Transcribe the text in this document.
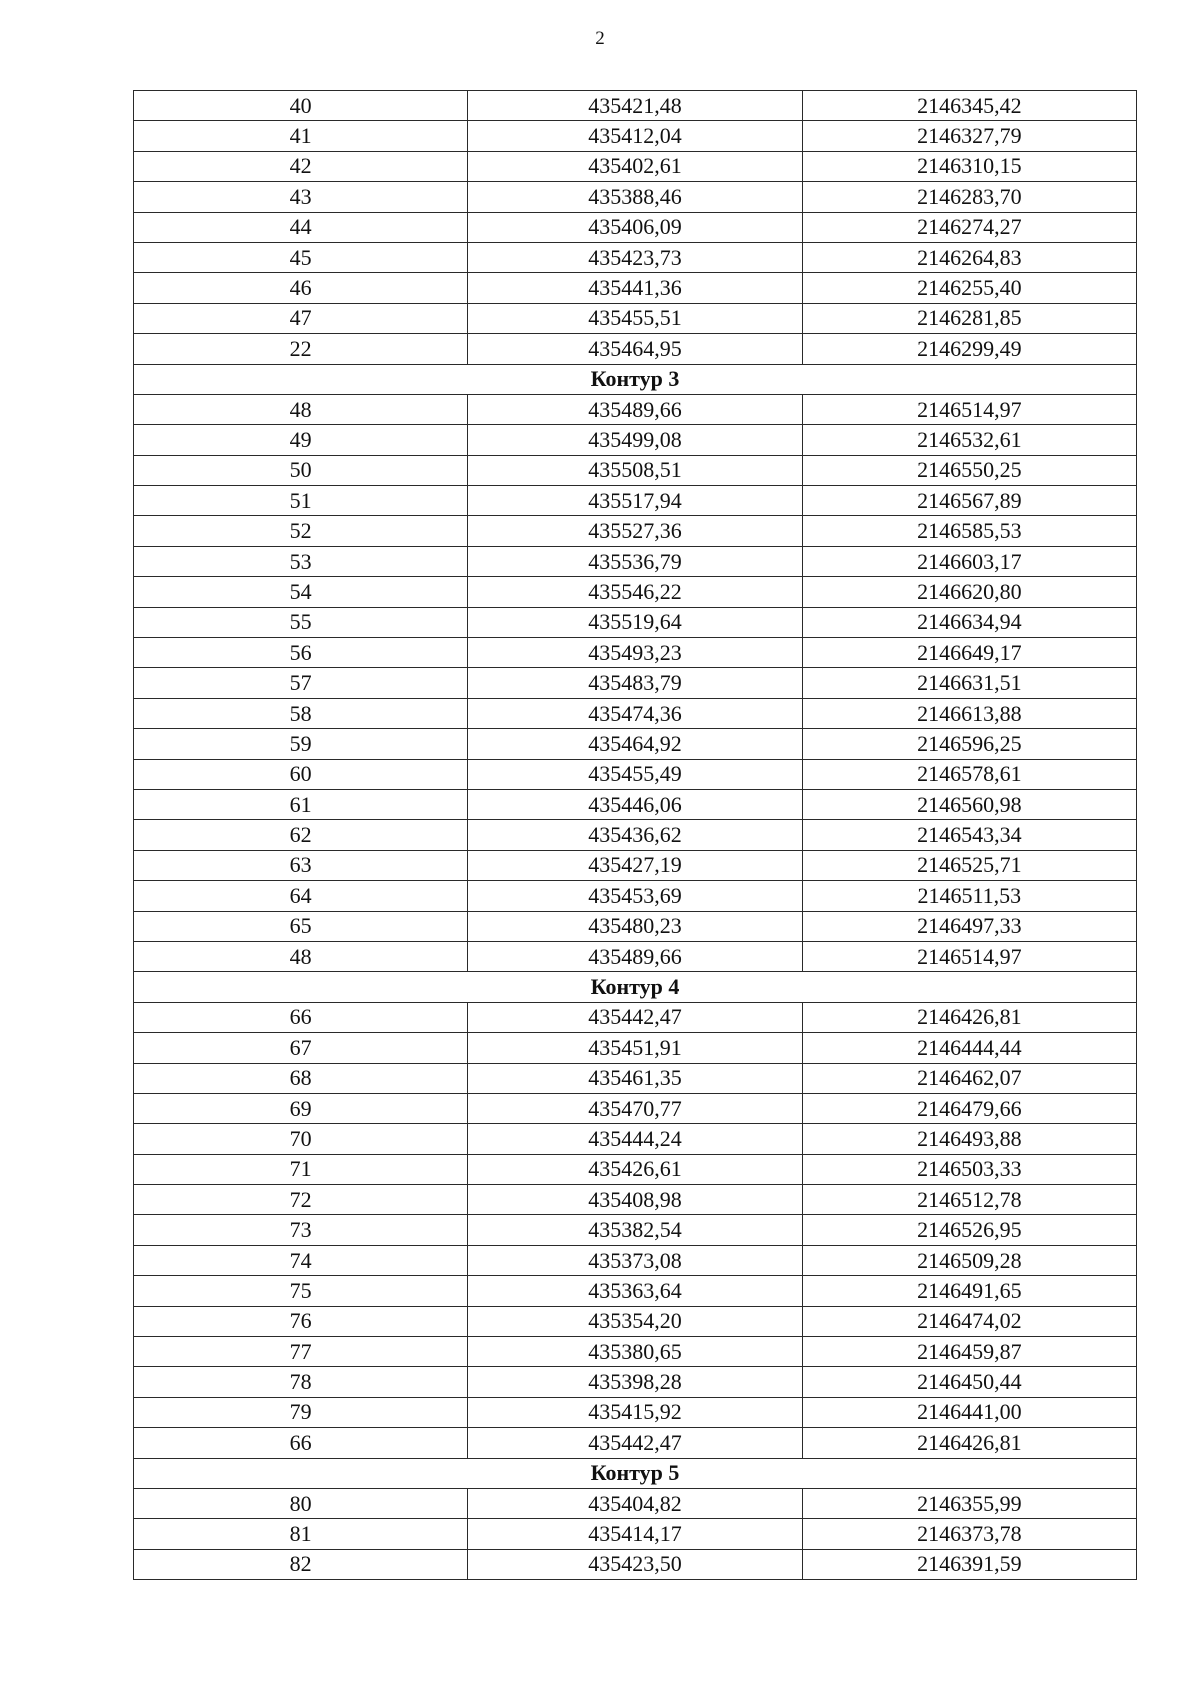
2
40	435421,48	2146345,42
41	435412,04	2146327,79
42	435402,61	2146310,15
43	435388,46	2146283,70
44	435406,09	2146274,27
45	435423,73	2146264,83
46	435441,36	2146255,40
47	435455,51	2146281,85
22	435464,95	2146299,49
Контур 3		
48	435489,66	2146514,97
49	435499,08	2146532,61
50	435508,51	2146550,25
51	435517,94	2146567,89
52	435527,36	2146585,53
53	435536,79	2146603,17
54	435546,22	2146620,80
55	435519,64	2146634,94
56	435493,23	2146649,17
57	435483,79	2146631,51
58	435474,36	2146613,88
59	435464,92	2146596,25
60	435455,49	2146578,61
61	435446,06	2146560,98
62	435436,62	2146543,34
63	435427,19	2146525,71
64	435453,69	2146511,53
65	435480,23	2146497,33
48	435489,66	2146514,97
Контур 4		
66	435442,47	2146426,81
67	435451,91	2146444,44
68	435461,35	2146462,07
69	435470,77	2146479,66
70	435444,24	2146493,88
71	435426,61	2146503,33
72	435408,98	2146512,78
73	435382,54	2146526,95
74	435373,08	2146509,28
75	435363,64	2146491,65
76	435354,20	2146474,02
77	435380,65	2146459,87
78	435398,28	2146450,44
79	435415,92	2146441,00
66	435442,47	2146426,81
Контур 5		
80	435404,82	2146355,99
81	435414,17	2146373,78
82	435423,50	2146391,59
